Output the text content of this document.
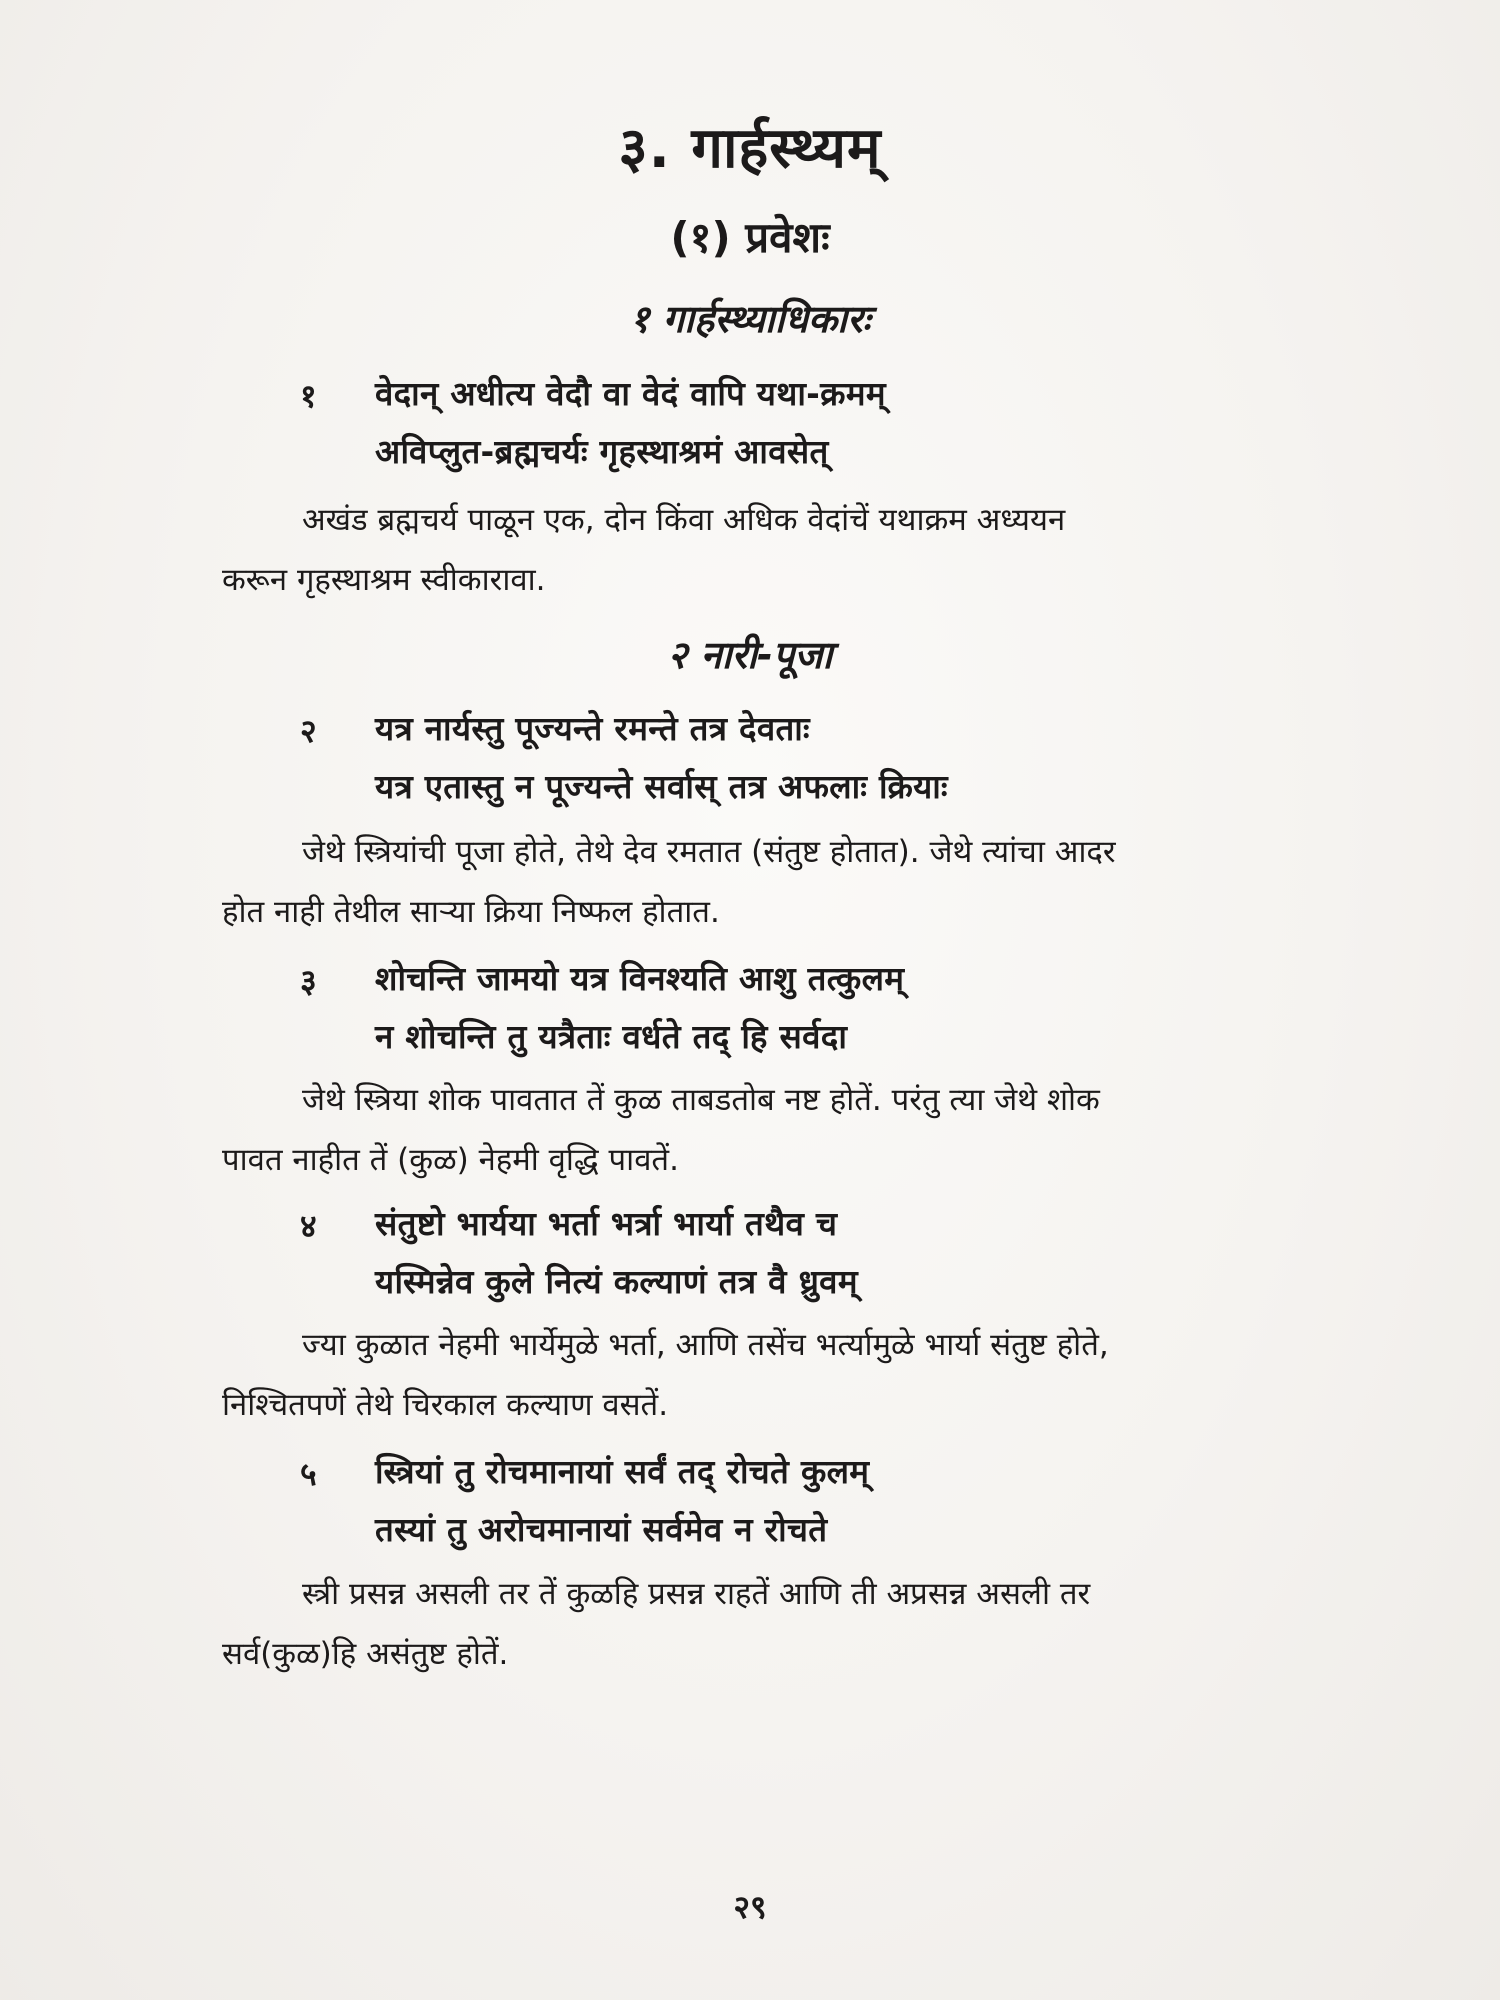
३. गार्हस्थ्यम्
(१) प्रवेशः
१ गार्हस्थ्याधिकारः
१ वेदान् अधीत्य वेदौ वा वेदं वापि यथा-क्रमम्
अविप्लुत-ब्रह्मचर्यः गृहस्थाश्रमं आवसेत्
अखंड ब्रह्मचर्य पाळून एक, दोन किंवा अधिक वेदांचें यथाक्रम अध्ययन
करून गृहस्थाश्रम स्वीकारावा.
२ नारी-पूजा
२ यत्र नार्यस्तु पूज्यन्ते रमन्ते तत्र देवताः
यत्र एतास्तु न पूज्यन्ते सर्वास् तत्र अफलाः क्रियाः
जेथे स्त्रियांची पूजा होते, तेथे देव रमतात (संतुष्ट होतात). जेथे त्यांचा आदर
होत नाही तेथील साऱ्या क्रिया निष्फल होतात.
३ शोचन्ति जामयो यत्र विनश्यति आशु तत्कुलम्
न शोचन्ति तु यत्रैताः वर्धते तद् हि सर्वदा
जेथे स्त्रिया शोक पावतात तें कुळ ताबडतोब नष्ट होतें. परंतु त्या जेथे शोक
पावत नाहीत तें (कुळ) नेहमी वृद्धि पावतें.
४ संतुष्टो भार्यया भर्ता भर्त्रा भार्या तथैव च
यस्मिन्नेव कुले नित्यं कल्याणं तत्र वै ध्रुवम्
ज्या कुळात नेहमी भार्येमुळे भर्ता, आणि तसेंच भर्त्यामुळे भार्या संतुष्ट होते,
निश्चितपणें तेथे चिरकाल कल्याण वसतें.
५ स्त्रियां तु रोचमानायां सर्वं तद् रोचते कुलम्
तस्यां तु अरोचमानायां सर्वमेव न रोचते
स्त्री प्रसन्न असली तर तें कुळहि प्रसन्न राहतें आणि ती अप्रसन्न असली तर
सर्व(कुळ)हि असंतुष्ट होतें.
२९
